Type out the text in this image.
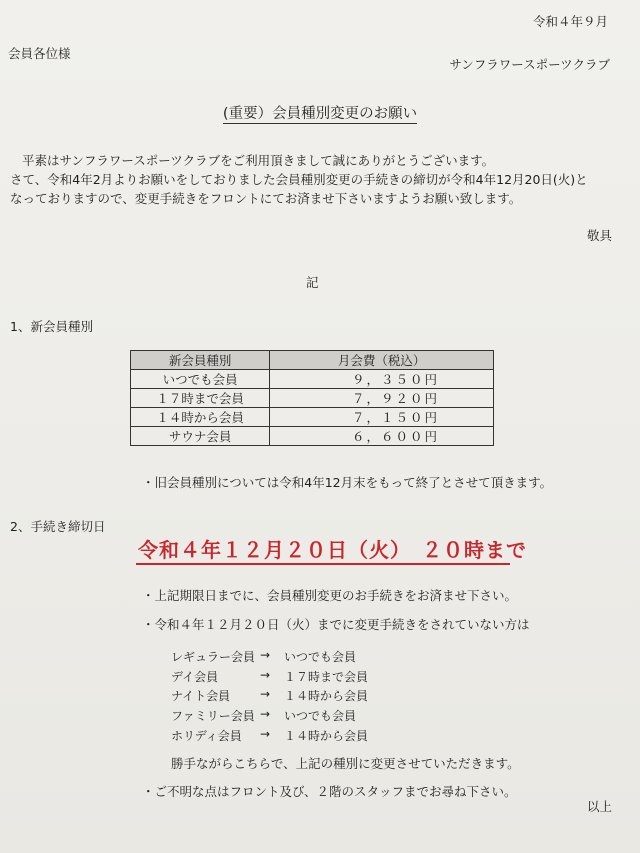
令和４年９月
会員各位様
サンフラワースポーツクラブ
(重要）会員種別変更のお願い
平素はサンフラワースポーツクラブをご利用頂きまして誠にありがとうございます。
さて、令和4年2月よりお願いをしておりました会員種別変更の手続きの締切が令和4年12月20日(火)と
なっておりますので、変更手続きをフロントにてお済ませ下さいますようお願い致します。
敬具
記
1、新会員種別
新会員種別	月会費（税込）
いつでも会員	９，３５０円
１７時まで会員	７，９２０円
１４時から会員	７，１５０円
サウナ会員	６，６００円
・旧会員種別については令和4年12月末をもって終了とさせて頂きます。
2、手続き締切日
令和４年１２月２０日（火）　２０時まで
・上記期限日までに、会員種別変更のお手続きをお済ませ下さい。
・令和４年１２月２０日（火）までに変更手続きをされていない方は
レギュラー会員 → いつでも会員
デイ会員	→ １７時まで会員
ナイト会員 → １４時から会員
ファミリー会員 → いつでも会員
ホリディ会員 → １４時から会員
勝手ながらこちらで、上記の種別に変更させていただきます。
・ご不明な点はフロント及び、２階のスタッフまでお尋ね下さい。
以上
